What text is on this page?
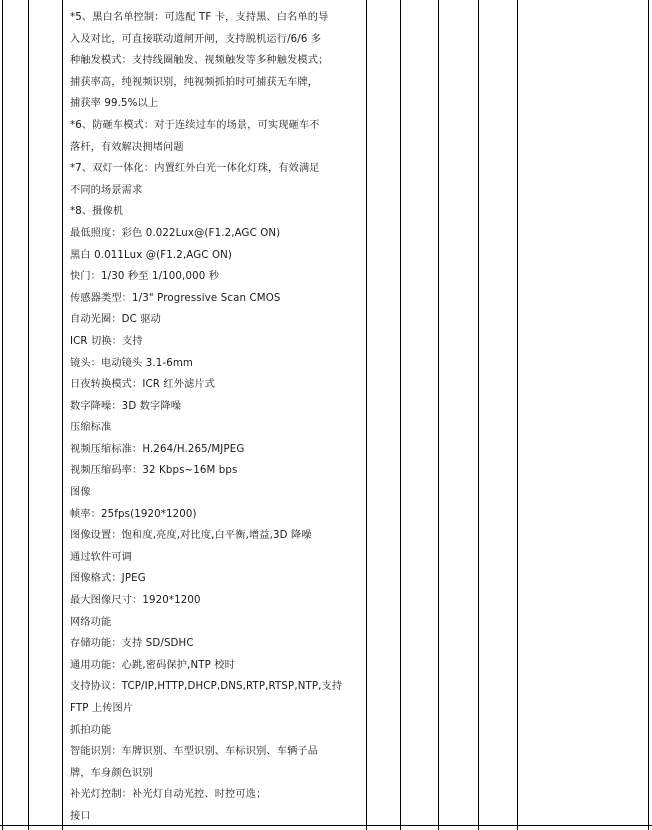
*5、黑白名单控制：可选配 TF 卡，支持黑、白名单的导
入及对比，可直接联动道闸开闸，支持脱机运行/6/6 多
种触发模式：支持线圈触发、视频触发等多种触发模式；
捕获率高，纯视频识别，纯视频抓拍时可捕获无车牌，
捕获率 99.5%以上
*6、防砸车模式：对于连续过车的场景，可实现砸车不
落杆，有效解决拥堵问题
*7、双灯一体化：内置红外白光一体化灯珠，有效满足
不同的场景需求
*8、摄像机
最低照度：彩色 0.022Lux@(F1.2,AGC ON)
黑白 0.011Lux @(F1.2,AGC ON)
快门：1/30 秒至 1/100,000 秒
传感器类型：1/3" Progressive Scan CMOS
自动光圈：DC 驱动
ICR 切换：支持
镜头：电动镜头 3.1-6mm
日夜转换模式：ICR 红外滤片式
数字降噪：3D 数字降噪
压缩标准
视频压缩标准：H.264/H.265/MJPEG
视频压缩码率：32 Kbps~16M bps
图像
帧率：25fps(1920*1200)
图像设置：饱和度,亮度,对比度,白平衡,增益,3D 降噪
通过软件可调
图像格式：JPEG
最大图像尺寸：1920*1200
网络功能
存储功能：支持 SD/SDHC
通用功能：心跳,密码保护,NTP 校时
支持协议：TCP/IP,HTTP,DHCP,DNS,RTP,RTSP,NTP,支持
FTP 上传图片
抓拍功能
智能识别：车牌识别、车型识别、车标识别、车辆子品
牌，车身颜色识别
补光灯控制：补光灯自动光控、时控可选；
接口
